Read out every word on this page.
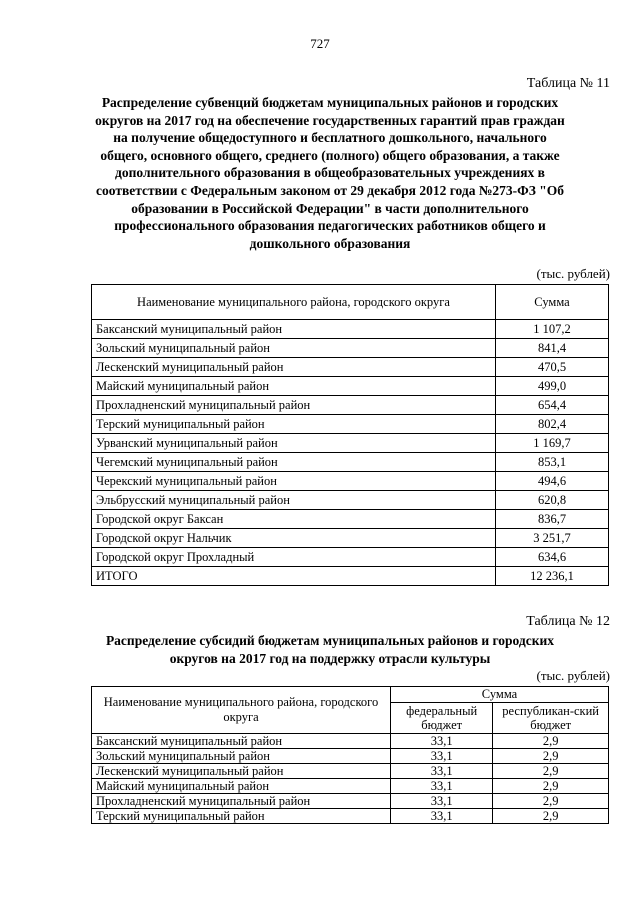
727
Таблица № 11
Распределение субвенций бюджетам муниципальных районов и городских округов на 2017 год на обеспечение государственных гарантий прав граждан на получение общедоступного и бесплатного дошкольного, начального общего, основного общего, среднего (полного) общего образования, а также дополнительного образования в общеобразовательных учреждениях в соответствии с Федеральным законом от 29 декабря 2012 года №273-ФЗ "Об образовании в Российской Федерации" в части дополнительного профессионального образования педагогических работников общего и дошкольного образования
(тыс. рублей)
Наименование муниципального района, городского округа	Сумма
Баксанский муниципальный район	1 107,2
Зольский муниципальный район	841,4
Лескенский муниципальный район	470,5
Майский муниципальный район	499,0
Прохладненский муниципальный район	654,4
Терский муниципальный район	802,4
Урванский муниципальный район	1 169,7
Чегемский муниципальный район	853,1
Черекский муниципальный район	494,6
Эльбрусский муниципальный район	620,8
Городской округ Баксан	836,7
Городской округ Нальчик	3 251,7
Городской округ Прохладный	634,6
ИТОГО	12 236,1
Таблица № 12
Распределение субсидий бюджетам муниципальных районов и городских округов на 2017 год на поддержку отрасли культуры
(тыс. рублей)
Наименование муниципального района, городского округа	Сумма	
	федеральный бюджет	республикан-ский бюджет
Баксанский муниципальный район	33,1	2,9
Зольский муниципальный район	33,1	2,9
Лескенский муниципальный район	33,1	2,9
Майский муниципальный район	33,1	2,9
Прохладненский муниципальный район	33,1	2,9
Терский муниципальный район	33,1	2,9
